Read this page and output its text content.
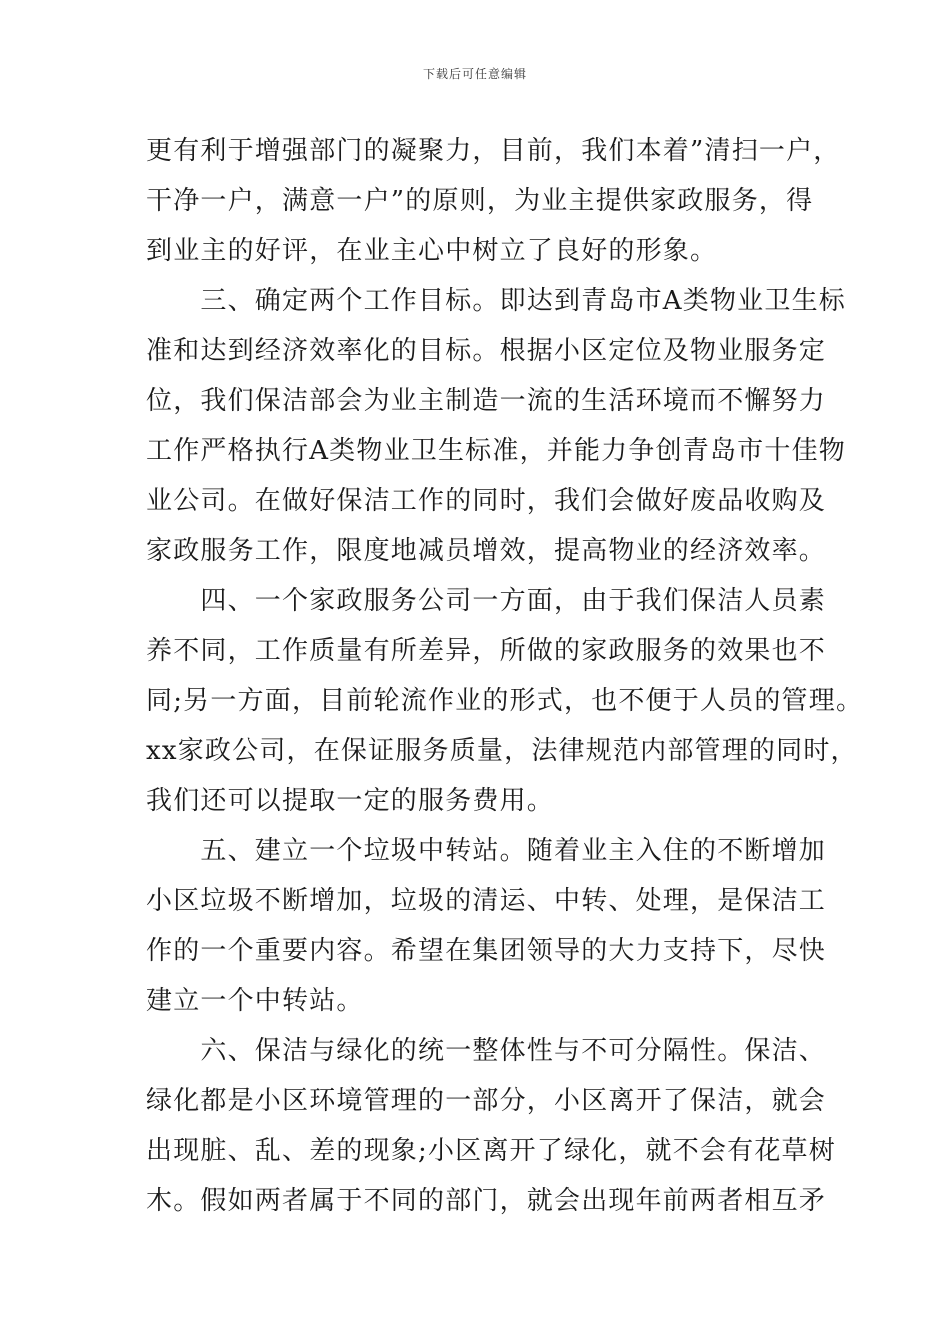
下载后可任意编辑
更有利于增强部门的凝聚力，目前，我们本着”清扫一户，
干净一户，满意一户”的原则，为业主提供家政服务，得
到业主的好评，在业主心中树立了良好的形象。
　　三、确定两个工作目标。即达到青岛市A类物业卫生标
准和达到经济效率化的目标。根据小区定位及物业服务定
位，我们保洁部会为业主制造一流的生活环境而不懈努力
工作严格执行A类物业卫生标准，并能力争创青岛市十佳物
业公司。在做好保洁工作的同时，我们会做好废品收购及
家政服务工作，限度地减员增效，提高物业的经济效率。
　　四、一个家政服务公司一方面，由于我们保洁人员素
养不同，工作质量有所差异，所做的家政服务的效果也不
同;另一方面，目前轮流作业的形式，也不便于人员的管理。
xx家政公司，在保证服务质量，法律规范内部管理的同时，
我们还可以提取一定的服务费用。
　　五、建立一个垃圾中转站。随着业主入住的不断增加
小区垃圾不断增加，垃圾的清运、中转、处理，是保洁工
作的一个重要内容。希望在集团领导的大力支持下，尽快
建立一个中转站。
　　六、保洁与绿化的统一整体性与不可分隔性。保洁、
绿化都是小区环境管理的一部分，小区离开了保洁，就会
出现脏、乱、差的现象;小区离开了绿化，就不会有花草树
木。假如两者属于不同的部门，就会出现年前两者相互矛
